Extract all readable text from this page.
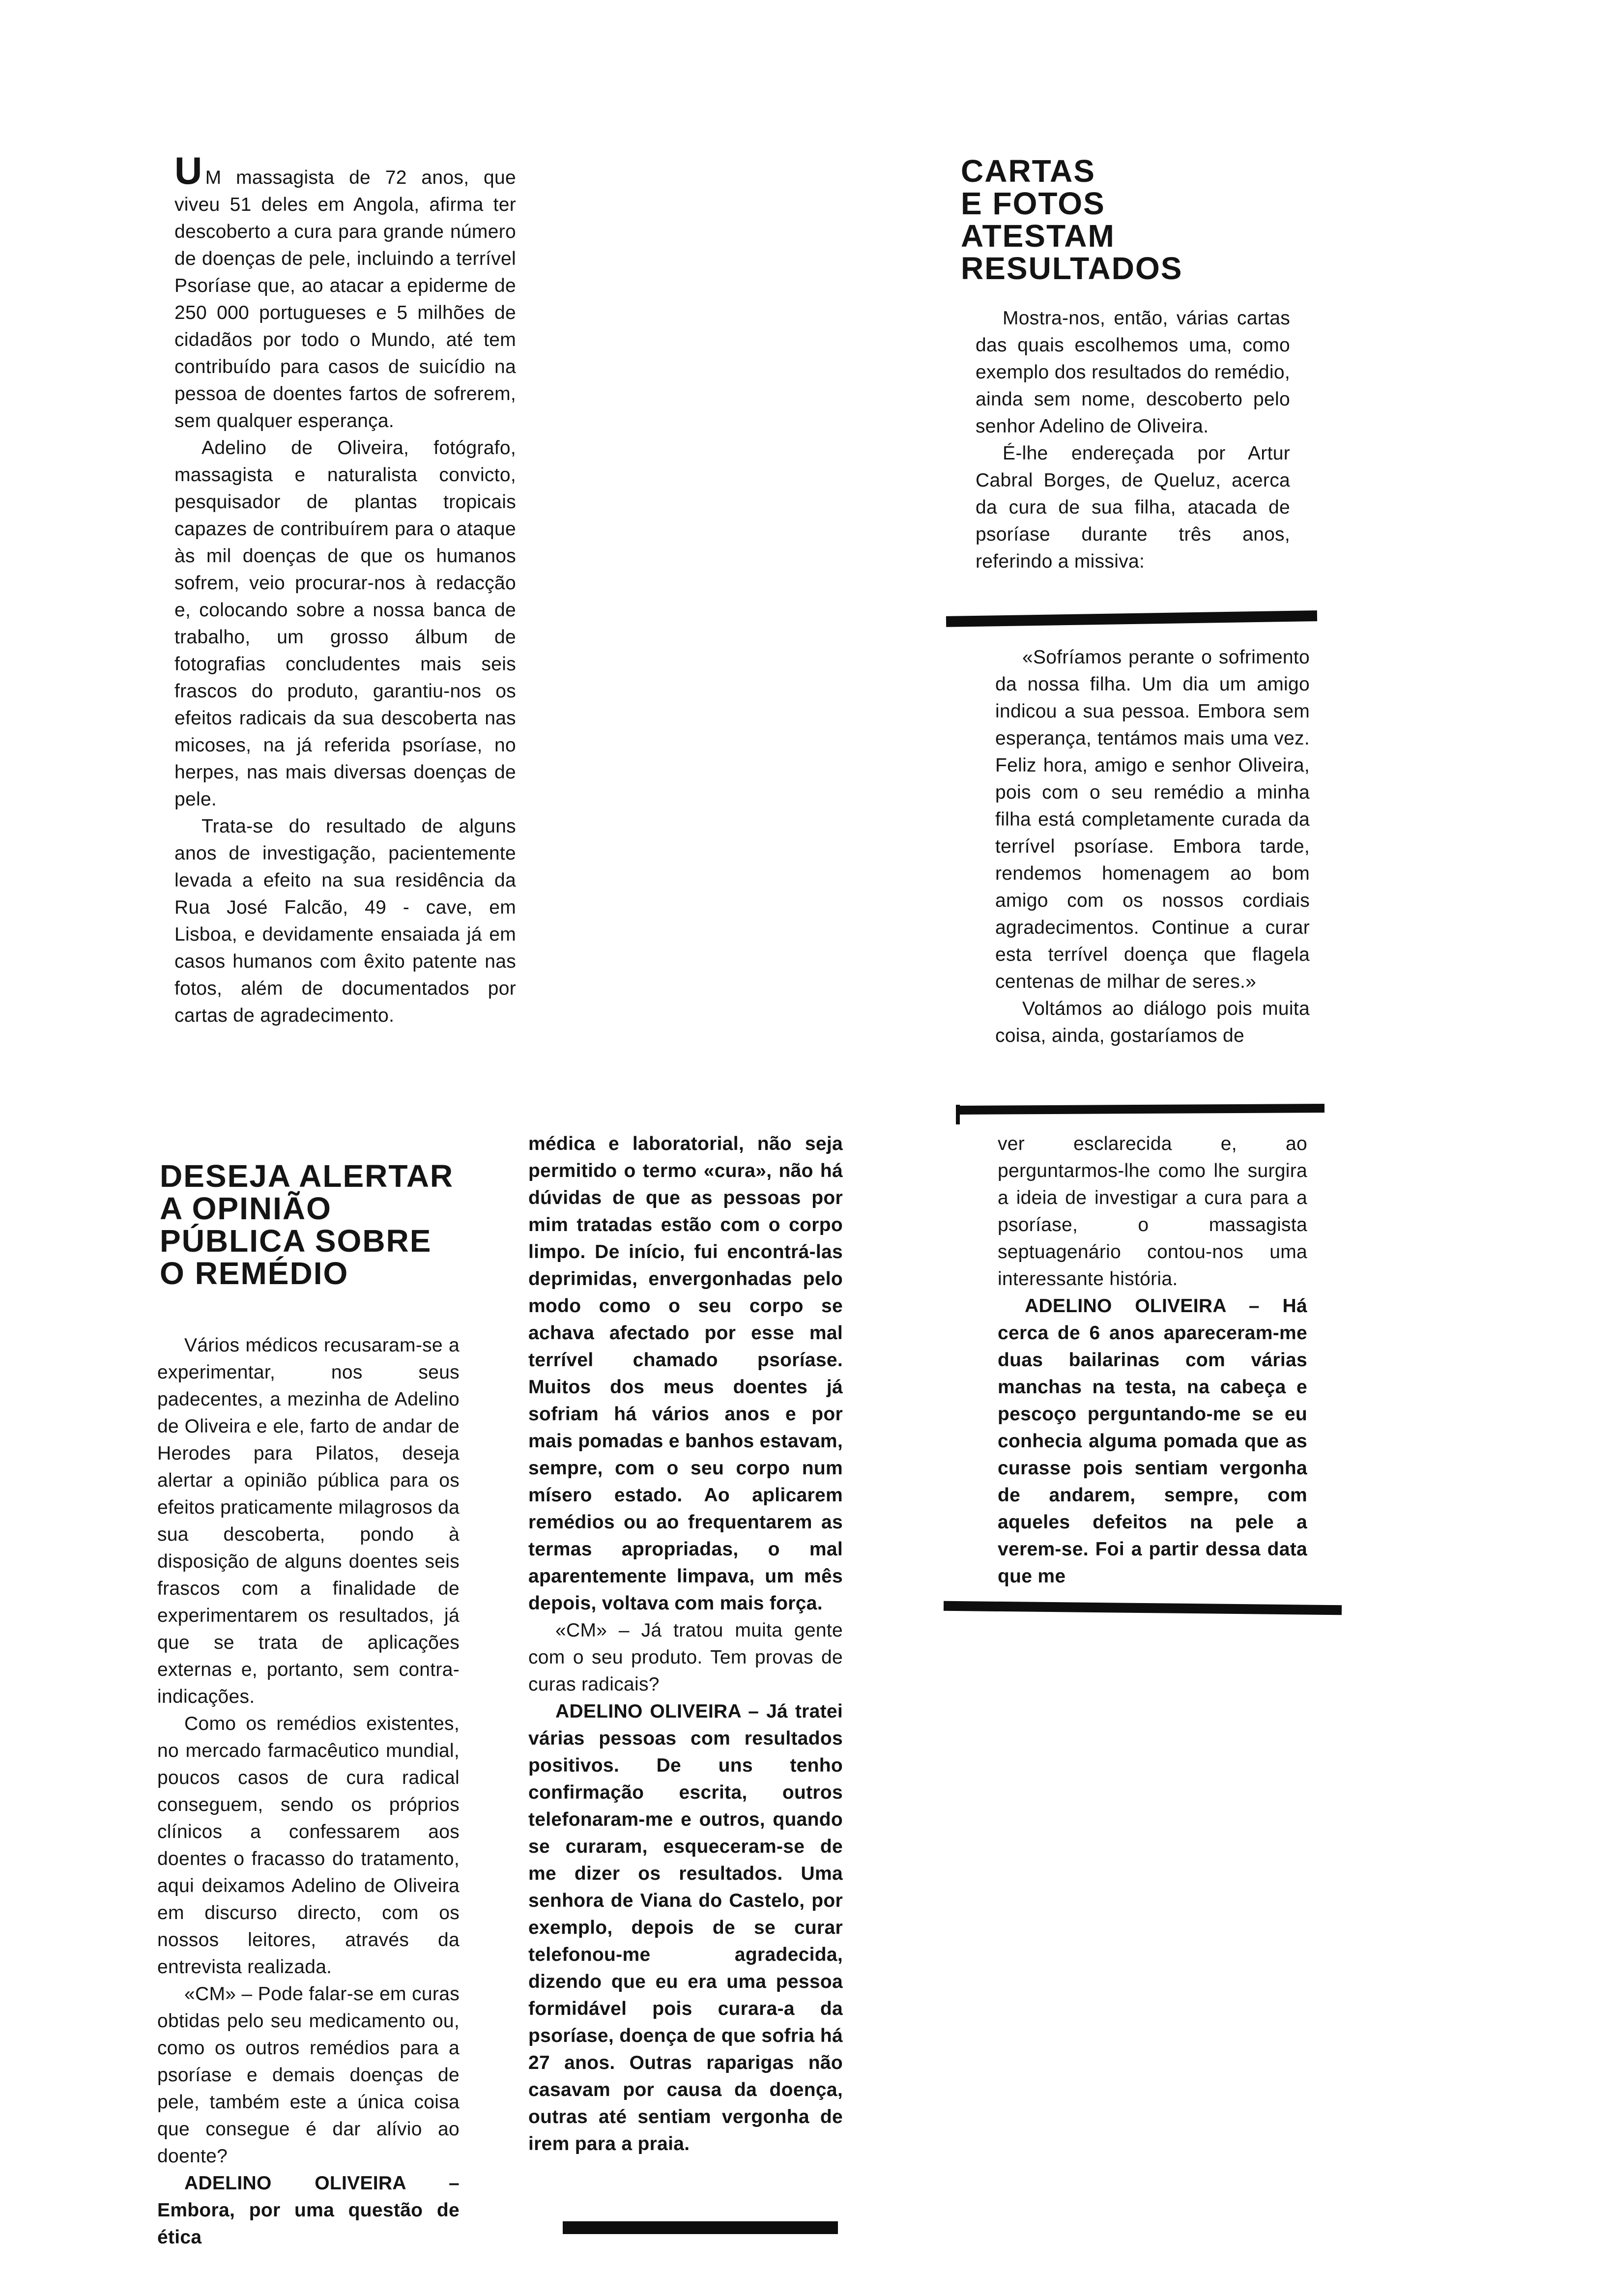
U M massagista de 72 anos, que viveu 51 deles em Angola, afirma ter descoberto a cura para grande número de doenças de pele, incluindo a terrível Psoríase que, ao atacar a epiderme de 250 000 portugueses e 5 milhões de cidadãos por todo o Mundo, até tem contribuído para casos de suicídio na pessoa de doentes fartos de sofrerem, sem qualquer esperança.

Adelino de Oliveira, fotógrafo, massagista e naturalista convicto, pesquisador de plantas tropicais capazes de contribuírem para o ataque às mil doenças de que os humanos sofrem, veio procurar-nos à redacção e, colocando sobre a nossa banca de trabalho, um grosso álbum de fotografias concludentes mais seis frascos do produto, garantiu-nos os efeitos radicais da sua descoberta nas micoses, na já referida psoríase, no herpes, nas mais diversas doenças de pele.

Trata-se do resultado de alguns anos de investigação, pacientemente levada a efeito na sua residência da Rua José Falcão, 49 - cave, em Lisboa, e devidamente ensaiada já em casos humanos com êxito patente nas fotos, além de documentados por cartas de agradecimento.

DESEJA ALERTAR

A OPINIÃO

PÚBLICA SOBRE

O REMÉDIO

Vários médicos recusaram-se a experimentar, nos seus padecentes, a mezinha de Adelino de Oliveira e ele, farto de andar de Herodes para Pilatos, deseja alertar a opinião pública para os efeitos praticamente milagrosos da sua descoberta, pondo à disposição de alguns doentes seis frascos com a finalidade de experimentarem os resultados, já que se trata de aplicações externas e, portanto, sem contra-indicações.

Como os remédios existentes, no mercado farmacêutico mundial, poucos casos de cura radical conseguem, sendo os próprios clínicos a confessarem aos doentes o fracasso do tratamento, aqui deixamos Adelino de Oliveira em discurso directo, com os nossos leitores, através da entrevista realizada.

«CM» – Pode falar-se em curas obtidas pelo seu medicamento ou, como os outros remédios para a psoríase e demais doenças de pele, também este a única coisa que consegue é dar alívio ao doente?

ADELINO OLIVEIRA – Embora, por uma questão de ética

médica e laboratorial, não seja permitido o termo «cura», não há dúvidas de que as pessoas por mim tratadas estão com o corpo limpo. De início, fui encontrá-las deprimidas, envergonhadas pelo modo como o seu corpo se achava afectado por esse mal terrível chamado psoríase. Muitos dos meus doentes já sofriam há vários anos e por mais pomadas e banhos estavam, sempre, com o seu corpo num mísero estado. Ao aplicarem remédios ou ao frequentarem as termas apropriadas, o mal aparentemente limpava, um mês depois, voltava com mais força.

«CM» – Já tratou muita gente com o seu produto. Tem provas de curas radicais?

ADELINO OLIVEIRA – Já tratei várias pessoas com resultados positivos. De uns tenho confirmação escrita, outros telefonaram-me e outros, quando se curaram, esqueceram-se de me dizer os resultados. Uma senhora de Viana do Castelo, por exemplo, depois de se curar telefonou-me agradecida, dizendo que eu era uma pessoa formidável pois curara-a da psoríase, doença de que sofria há 27 anos. Outras raparigas não casavam por causa da doença, outras até sentiam vergonha de irem para a praia.

CARTAS

E FOTOS

ATESTAM

RESULTADOS

Mostra-nos, então, várias cartas das quais escolhemos uma, como exemplo dos resultados do remédio, ainda sem nome, descoberto pelo senhor Adelino de Oliveira.

É-lhe endereçada por Artur Cabral Borges, de Queluz, acerca da cura de sua filha, atacada de psoríase durante três anos, referindo a missiva:

«Sofríamos perante o sofrimento da nossa filha. Um dia um amigo indicou a sua pessoa. Embora sem esperança, tentámos mais uma vez. Feliz hora, amigo e senhor Oliveira, pois com o seu remédio a minha filha está completamente curada da terrível psoríase. Embora tarde, rendemos homenagem ao bom amigo com os nossos cordiais agradecimentos. Continue a curar esta terrível doença que flagela centenas de milhar de seres.»

Voltámos ao diálogo pois muita coisa, ainda, gostaríamos de

ver esclarecida e, ao perguntarmos-lhe como lhe surgira a ideia de investigar a cura para a psoríase, o massagista septuagenário contou-nos uma interessante história.

ADELINO OLIVEIRA – Há cerca de 6 anos apareceram-me duas bailarinas com várias manchas na testa, na cabeça e pescoço perguntando-me se eu conhecia alguma pomada que as curasse pois sentiam vergonha de andarem, sempre, com aqueles defeitos na pele a verem-se. Foi a partir dessa data que me
